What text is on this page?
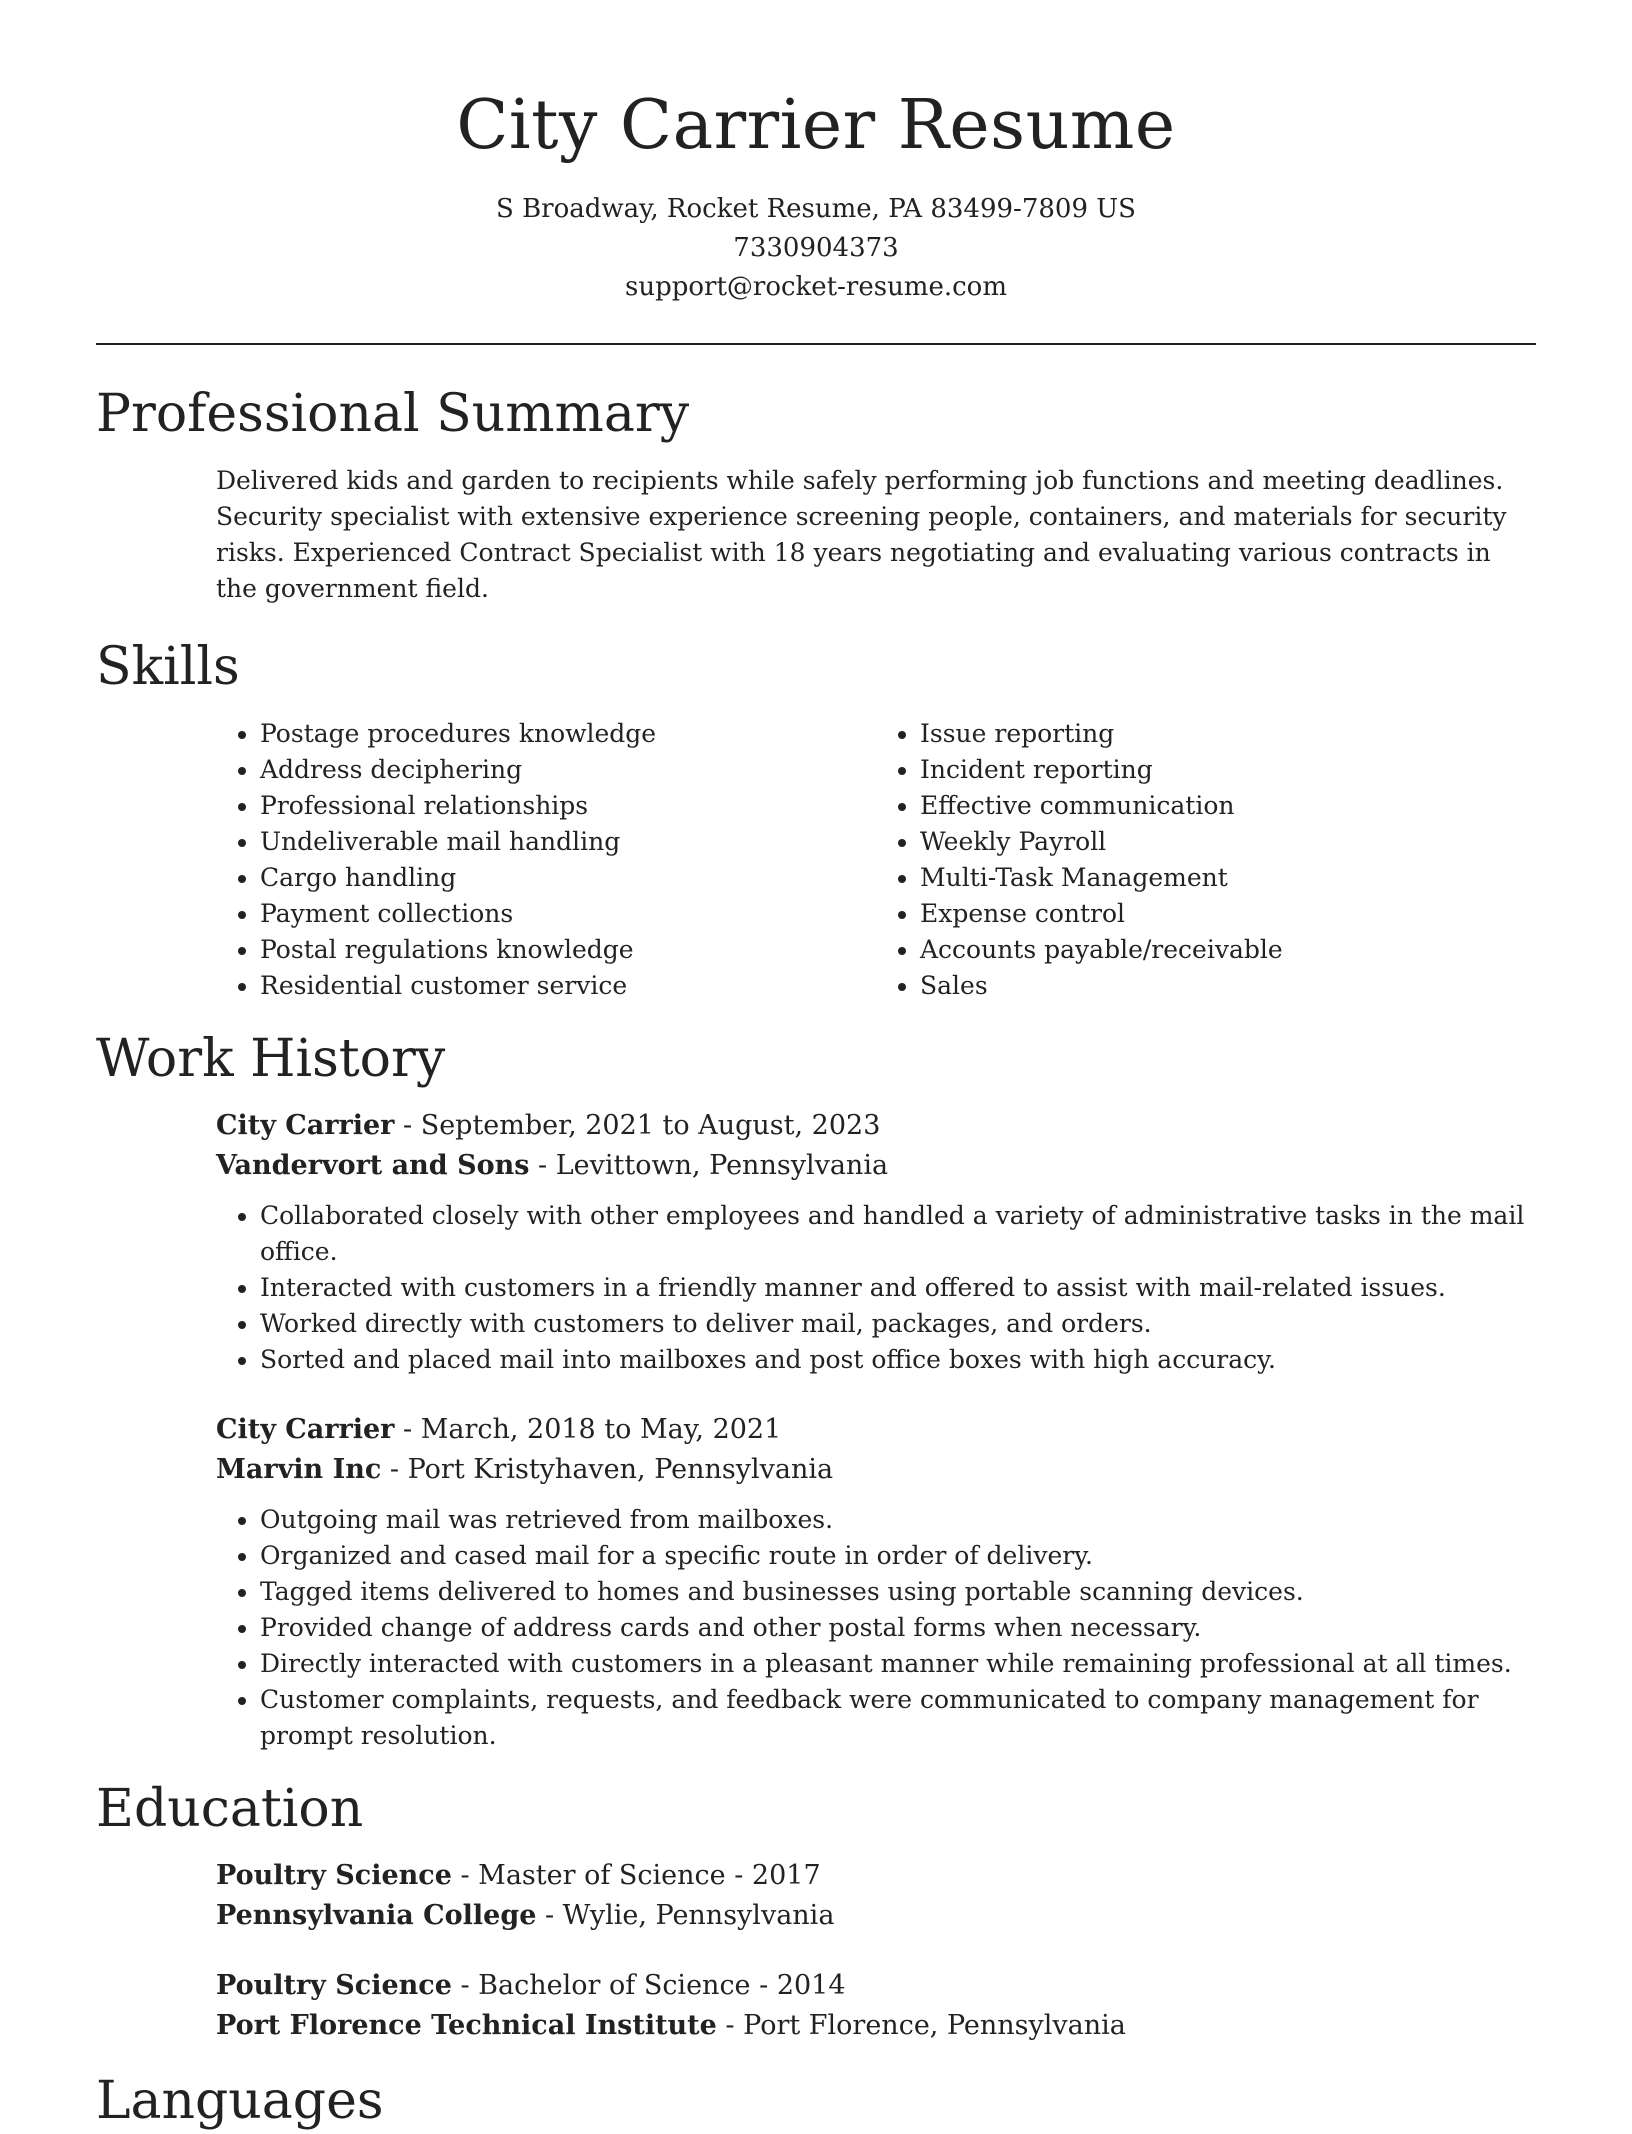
City Carrier Resume
S Broadway, Rocket Resume, PA 83499-7809 US
7330904373
support@rocket-resume.com
Professional Summary

Delivered kids and garden to recipients while safely performing job functions and meeting deadlines. Security specialist with extensive experience screening people, containers, and materials for security risks. Experienced Contract Specialist with 18 years negotiating and evaluating various contracts in the government field.

Skills
• Postage procedures knowledge
• Address deciphering
• Professional relationships
• Undeliverable mail handling
• Cargo handling
• Payment collections
• Postal regulations knowledge
• Residential customer service
• Issue reporting
• Incident reporting
• Effective communication
• Weekly Payroll
• Multi-Task Management
• Expense control
• Accounts payable/receivable
• Sales
Work History
City Carrier - September, 2021 to August, 2023
Vandervort and Sons - Levittown, Pennsylvania
• Collaborated closely with other employees and handled a variety of administrative tasks in the mail office.
• Interacted with customers in a friendly manner and offered to assist with mail-related issues.
• Worked directly with customers to deliver mail, packages, and orders.
• Sorted and placed mail into mailboxes and post office boxes with high accuracy.
City Carrier - March, 2018 to May, 2021
Marvin Inc - Port Kristyhaven, Pennsylvania
• Outgoing mail was retrieved from mailboxes.
• Organized and cased mail for a specific route in order of delivery.
• Tagged items delivered to homes and businesses using portable scanning devices.
• Provided change of address cards and other postal forms when necessary.
• Directly interacted with customers in a pleasant manner while remaining professional at all times.
• Customer complaints, requests, and feedback were communicated to company management for prompt resolution.
Education
Poultry Science - Master of Science - 2017
Pennsylvania College - Wylie, Pennsylvania
Poultry Science - Bachelor of Science - 2014
Port Florence Technical Institute - Port Florence, Pennsylvania
Languages
